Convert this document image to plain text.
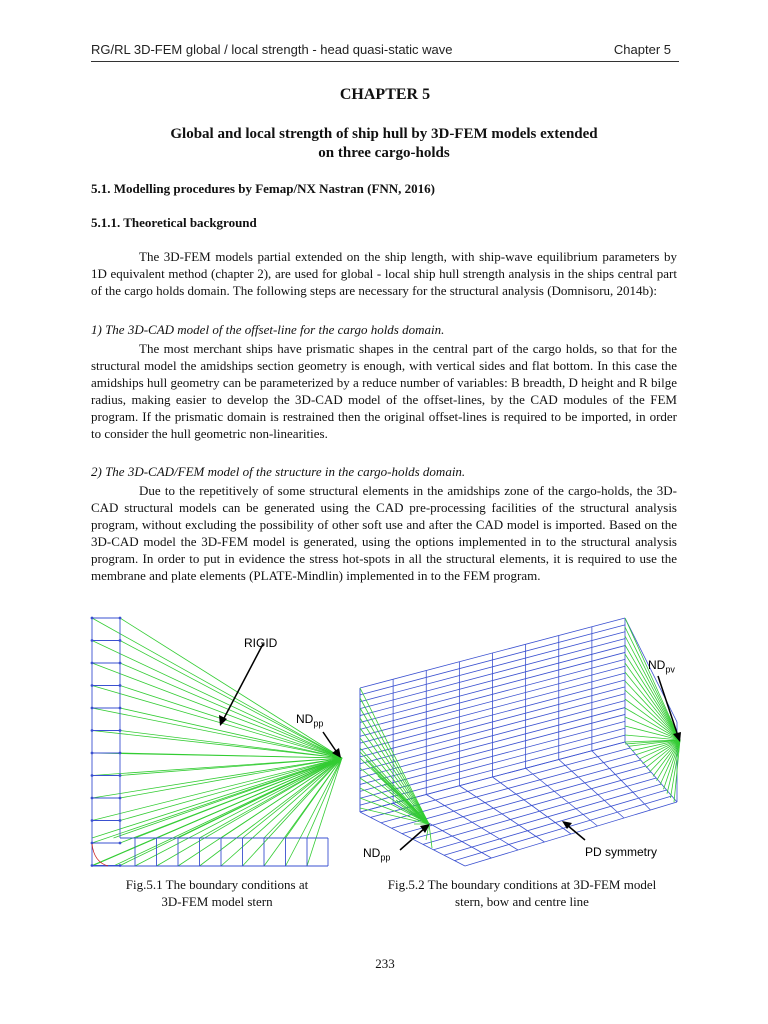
RG/RL 3D-FEM global / local strength - head quasi-static wave	Chapter 5
CHAPTER 5
Global and local strength of ship hull by 3D-FEM models extended
on three cargo-holds
5.1. Modelling procedures by Femap/NX Nastran (FNN, 2016)
5.1.1. Theoretical background
The 3D-FEM models partial extended on the ship length, with ship-wave equilibrium parameters by 1D equivalent method (chapter 2), are used for global - local ship hull strength analysis in the ships central part of the cargo holds domain. The following steps are necessary for the structural analysis (Domnisoru, 2014b):
1) The 3D-CAD model of the offset-line for the cargo holds domain.
The most merchant ships have prismatic shapes in the central part of the cargo holds, so that for the structural model the amidships section geometry is enough, with vertical sides and flat bottom. In this case the amidships hull geometry can be parameterized by a reduce number of variables: B breadth, D height and R bilge radius, making easier to develop the 3D-CAD model of the offset-lines, by the CAD modules of the FEM program. If the prismatic domain is restrained then the original offset-lines is required to be imported, in order to consider the hull geometric non-linearities.
2) The 3D-CAD/FEM model of the structure in the cargo-holds domain.
Due to the repetitively of some structural elements in the amidships zone of the cargo-holds, the 3D-CAD structural models can be generated using the CAD pre-processing facilities of the structural analysis program, without excluding the possibility of other soft use and after the CAD model is imported. Based on the 3D-CAD model the 3D-FEM model is generated, using the options implemented in to the structural analysis program. In order to put in evidence the stress hot-spots in all the structural elements, it is required to use the membrane and plate elements (PLATE-Mindlin) implemented in to the FEM program.
RIGID
$ND_{pp}$
Fig.5.1 The boundary conditions at
3D-FEM model stern
$ND_{pv}$
PD symmetry
$ND_{pp}$
Fig.5.2 The boundary conditions at 3D-FEM model
stern, bow and centre line
233
